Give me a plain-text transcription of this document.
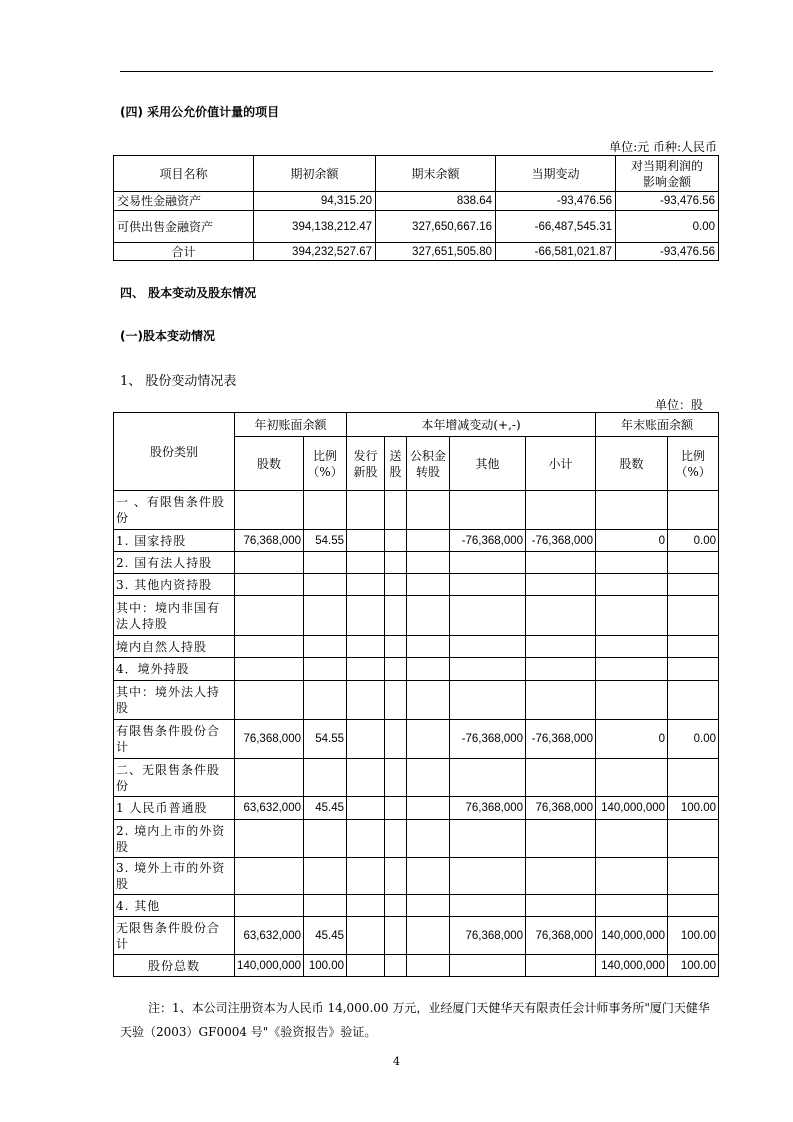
(四) 采用公允价值计量的项目
单位:元 币种:人民币
项目名称	期初余额	期末余额	当期变动	对当期利润的影响金额
交易性金融资产	94,315.20	838.64	-93,476.56	-93,476.56
可供出售金融资产	394,138,212.47	327,650,667.16	-66,487,545.31	0.00
合计	394,232,527.67	327,651,505.80	-66,581,021.87	-93,476.56
四、 股本变动及股东情况
(一)股本变动情况
1、 股份变动情况表
单位：股
股份类别	年初账面余额		本年增减变动(+,-)					年末账面余额	
	股数	比例（%）	发行新股	送股	公积金转股	其他	小计	股数	比例（%）
一 、有限售条件股份									
1. 国家持股	76,368,000	54.55				-76,368,000	-76,368,000	0	0.00
2. 国有法人持股									
3. 其他内资持股									
其中：境内非国有法人持股									
境内自然人持股									
4．境外持股									
其中：境外法人持股									
有限售条件股份合计	76,368,000	54.55				-76,368,000	-76,368,000	0	0.00
二、无限售条件股份									
1 人民币普通股	63,632,000	45.45				76,368,000	76,368,000	140,000,000	100.00
2. 境内上市的外资股									
3. 境外上市的外资股									
4. 其他									
无限售条件股份合计	63,632,000	45.45				76,368,000	76,368,000	140,000,000	100.00
股份总数	140,000,000	100.00						140,000,000	100.00
注：1、本公司注册资本为人民币 14,000.00 万元，业经厦门天健华天有限责任会计师事务所"厦门天健华天验（2003）GF0004 号"《验资报告》验证。
4
